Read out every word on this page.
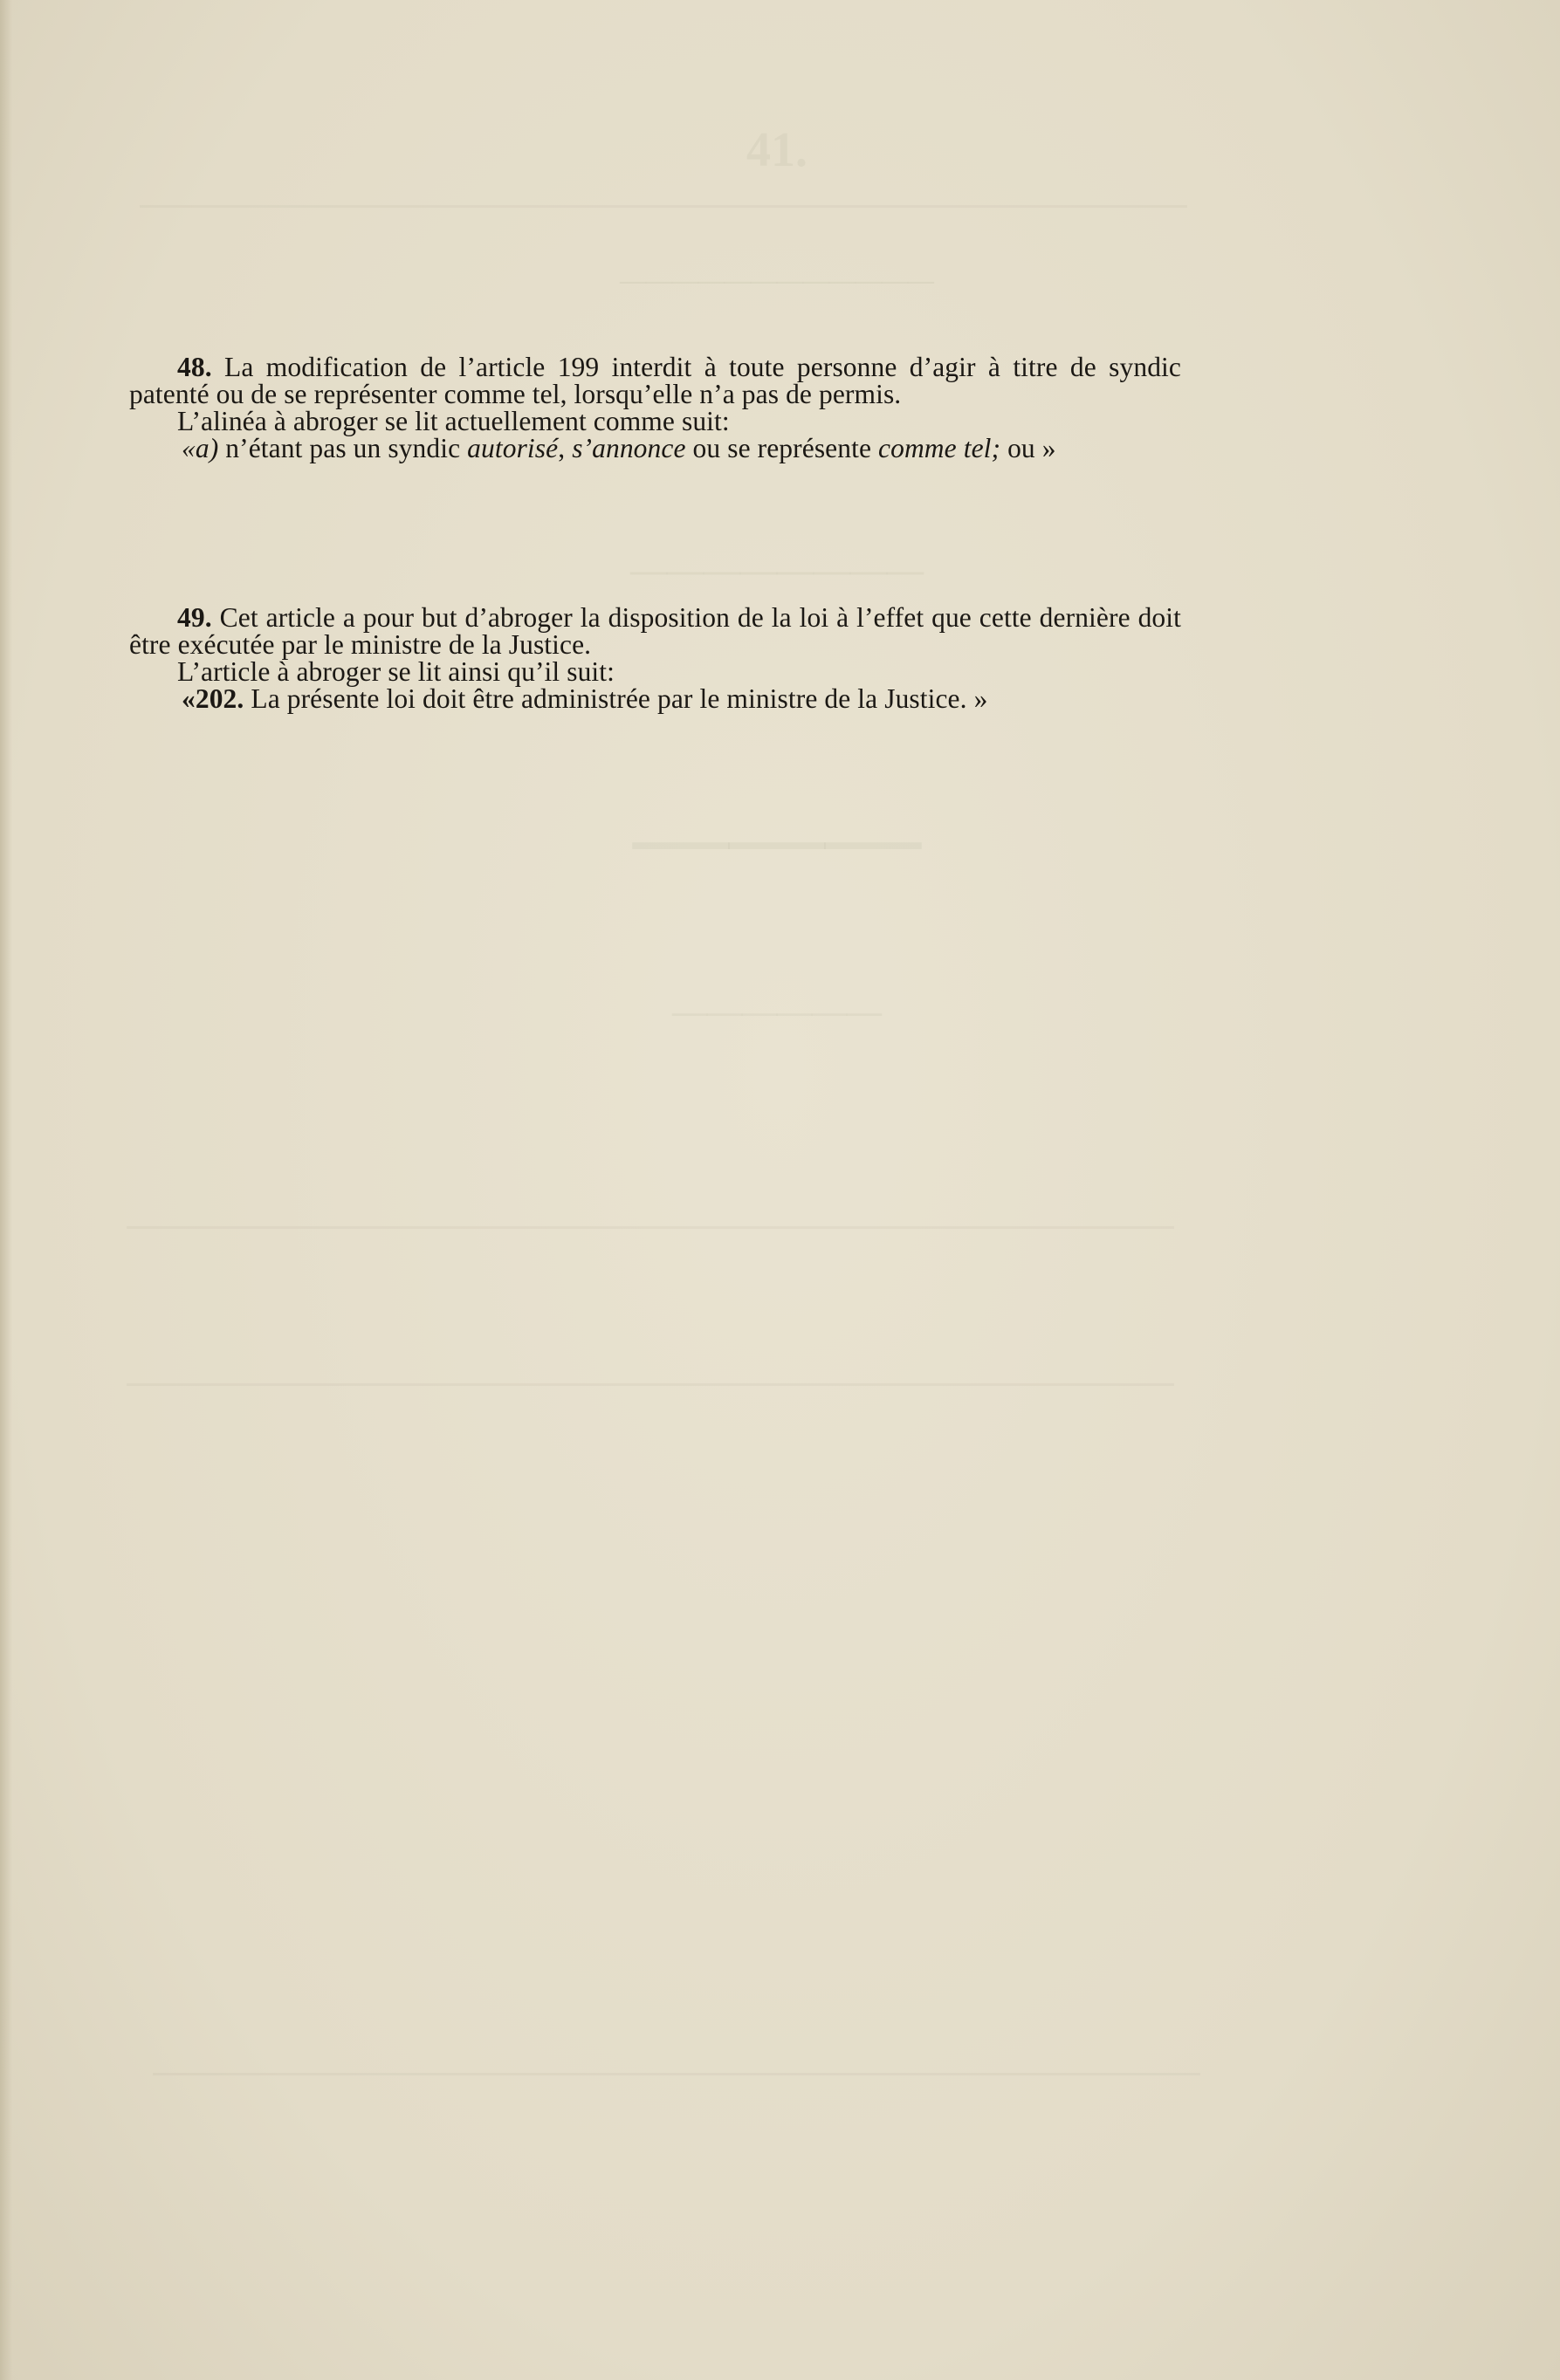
41.
————————————
————————
———
——————

48. La modification de l’article 199 interdit à toute personne d’agir à titre de syndic patenté ou de se représenter comme tel, lorsqu’elle n’a pas de permis.

L’alinéa à abroger se lit actuellement comme suit:

«a) n’étant pas un syndic autorisé, s’annonce ou se représente comme tel; ou »

49. Cet article a pour but d’abroger la disposition de la loi à l’effet que cette dernière doit être exécutée par le ministre de la Justice.

L’article à abroger se lit ainsi qu’il suit:

«202. La présente loi doit être administrée par le ministre de la Justice. »
